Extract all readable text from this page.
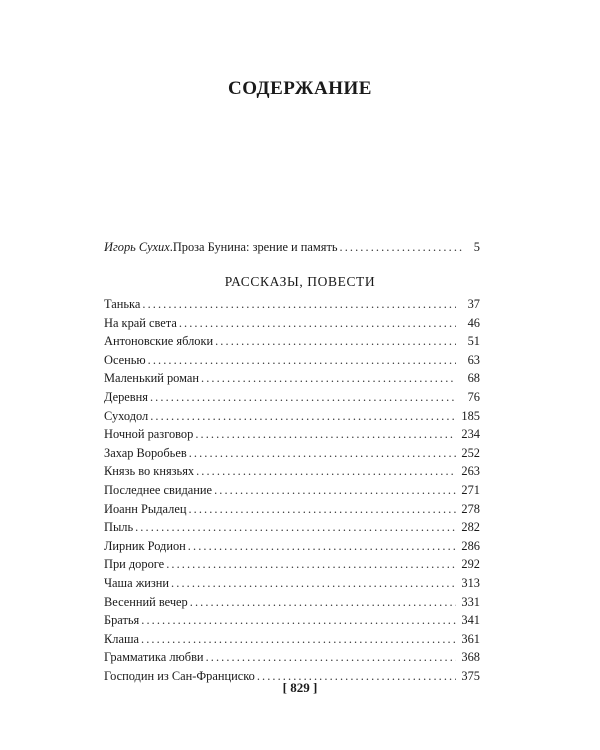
СОДЕРЖАНИЕ
Игорь Сухих . Проза Бунина: зрение и память . . .	5
РАССКАЗЫ, ПОВЕСТИ
Танька . . .	37
На край света . . .	46
Антоновские яблоки . . .	51
Осенью . . .	63
Маленький роман . . .	68
Деревня . . .	76
Суходол . . .	185
Ночной разговор . . .	234
Захар Воробьев . . .	252
Князь во князьях . . .	263
Последнее свидание . . .	271
Иоанн Рыдалец . . .	278
Пыль . . .	282
Лирник Родион . . .	286
При дороге . . .	292
Чаша жизни . . .	313
Весенний вечер . . .	331
Братья . . .	341
Клаша . . .	361
Грамматика любви . . .	368
Господин из Сан-Франциско . . .	375
[ 829 ]
